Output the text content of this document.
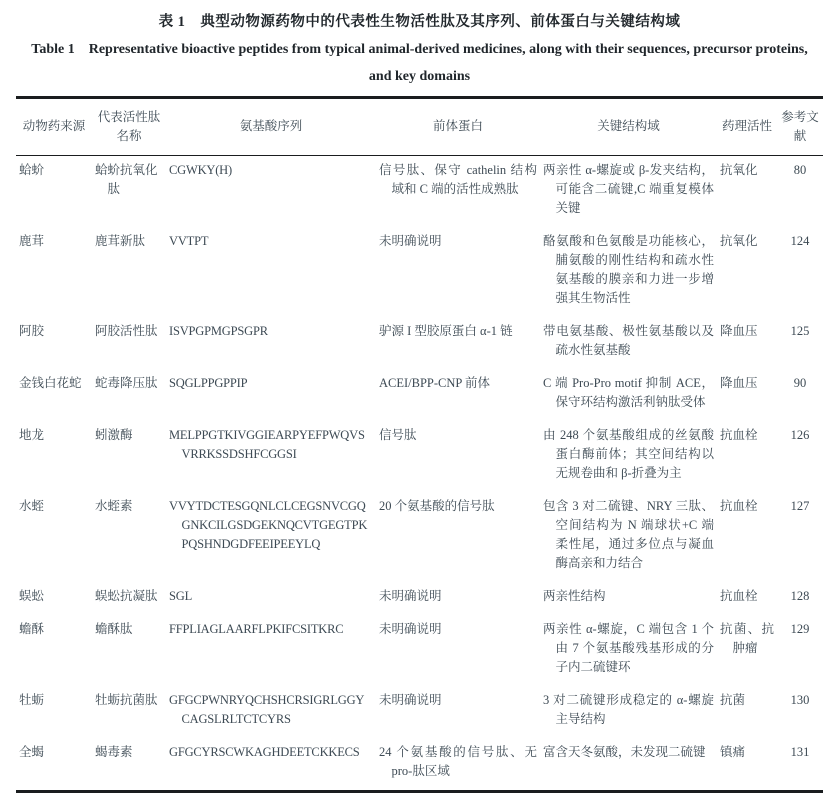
表 1　典型动物源药物中的代表性生物活性肽及其序列、前体蛋白与关键结构域
Table 1　Representative bioactive peptides from typical animal-derived medicines, along with their sequences, precursor proteins, and key domains
动物药来源	代表活性肽名称	氨基酸序列	前体蛋白	关键结构域	药理活性	参考文献

蛤蚧	蛤蚧抗氧化肽	CGWKY(H)	信号肽、保守 cathelin 结构域和 C 端的活性成熟肽	两亲性 α-螺旋或 β-发夹结构，可能含二硫键,C 端重复模体关键	抗氧化	80

鹿茸	鹿茸新肽	VVTPT	未明确说明	酪氨酸和色氨酸是功能核心，脯氨酸的刚性结构和疏水性氨基酸的膜亲和力进一步增强其生物活性	抗氧化	124

阿胶	阿胶活性肽	ISVPGPMGPSGPR	驴源 I 型胶原蛋白 α-1 链	带电氨基酸、极性氨基酸以及疏水性氨基酸	降血压	125

金钱白花蛇	蛇毒降压肽	SQGLPPGPPIP	ACEI/BPP-CNP 前体	C 端 Pro-Pro motif 抑制 ACE，保守环结构激活利钠肽受体	降血压	90

地龙	蚓激酶	MELPPGTKIVGGIEARPYEFPWQVS VRRKSSDSHFCGGSI	信号肽	由 248 个氨基酸组成的丝氨酸蛋白酶前体；其空间结构以无规卷曲和 β-折叠为主	抗血栓	126

水蛭	水蛭素	VVYTDCTESGQNLCLCEGSNVCGQ GNKCILGSDGEKNQCVTGEGTPK PQSHNDGDFEEIPEEYLQ	20 个氨基酸的信号肽	包含 3 对二硫键、NRY 三肽、空间结构为 N 端球状+C 端柔性尾，通过多位点与凝血酶高亲和力结合	抗血栓	127

蜈蚣	蜈蚣抗凝肽	SGL	未明确说明	两亲性结构	抗血栓	128

蟾酥	蟾酥肽	FFPLIAGLAARFLPKIFCSITKRC	未明确说明	两亲性 α-螺旋，C 端包含 1 个由 7 个氨基酸残基形成的分子内二硫键环	抗菌、抗肿瘤	129

牡蛎	牡蛎抗菌肽	GFGCPWNRYQCHSHCRSIGRLGGY CAGSLRLTCTCYRS	未明确说明	3 对二硫键形成稳定的 α-螺旋主导结构	抗菌	130

全蝎	蝎毒素	GFGCYRSCWKAGHDEETCKKECS	24 个氨基酸的信号肽、无 pro-肽区域	富含天冬氨酸，未发现二硫键	镇痛	131
